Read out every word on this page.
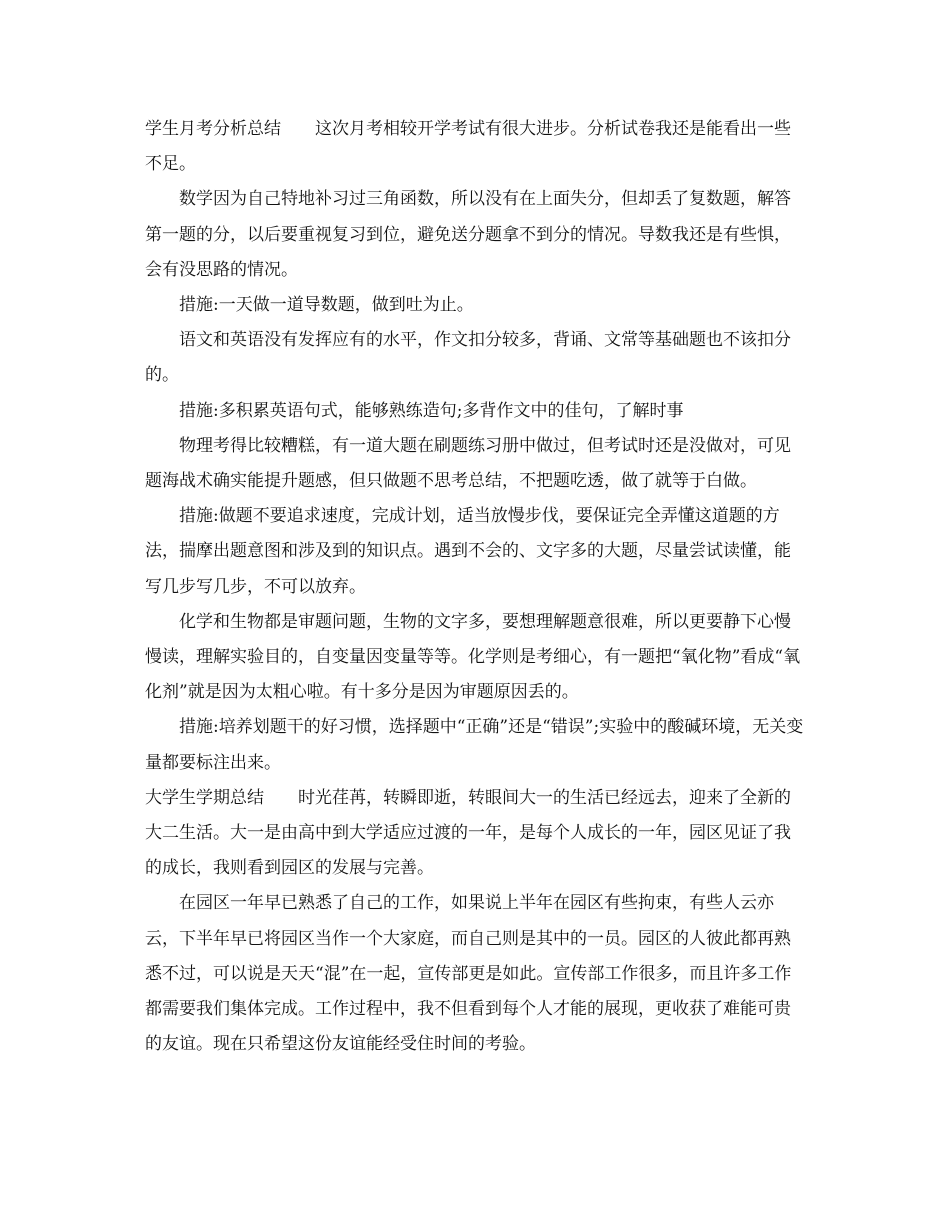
学生月考分析总结 这次月考相较开学考试有很大进步。分析试卷我还是能看出一些不足。

数学因为自己特地补习过三角函数，所以没有在上面失分，但却丢了复数题，解答第一题的分，以后要重视复习到位，避免送分题拿不到分的情况。导数我还是有些惧，会有没思路的情况。

措施:一天做一道导数题，做到吐为止。

语文和英语没有发挥应有的水平，作文扣分较多，背诵、文常等基础题也不该扣分的。

措施:多积累英语句式，能够熟练造句;多背作文中的佳句，了解时事

物理考得比较糟糕，有一道大题在刷题练习册中做过，但考试时还是没做对，可见题海战术确实能提升题感，但只做题不思考总结，不把题吃透，做了就等于白做。

措施:做题不要追求速度，完成计划，适当放慢步伐，要保证完全弄懂这道题的方法，揣摩出题意图和涉及到的知识点。遇到不会的、文字多的大题，尽量尝试读懂，能写几步写几步，不可以放弃。

化学和生物都是审题问题，生物的文字多，要想理解题意很难，所以更要静下心慢慢读，理解实验目的，自变量因变量等等。化学则是考细心，有一题把“氧化物”看成“氧化剂”就是因为太粗心啦。有十多分是因为审题原因丢的。

措施:培养划题干的好习惯，选择题中“正确”还是“错误”;实验中的酸碱环境，无关变量都要标注出来。

大学生学期总结 时光荏苒，转瞬即逝，转眼间大一的生活已经远去，迎来了全新的大二生活。大一是由高中到大学适应过渡的一年，是每个人成长的一年，园区见证了我的成长，我则看到园区的发展与完善。

在园区一年早已熟悉了自己的工作，如果说上半年在园区有些拘束，有些人云亦云，下半年早已将园区当作一个大家庭，而自己则是其中的一员。园区的人彼此都再熟悉不过，可以说是天天“混”在一起，宣传部更是如此。宣传部工作很多，而且许多工作都需要我们集体完成。工作过程中，我不但看到每个人才能的展现，更收获了难能可贵的友谊。现在只希望这份友谊能经受住时间的考验。
